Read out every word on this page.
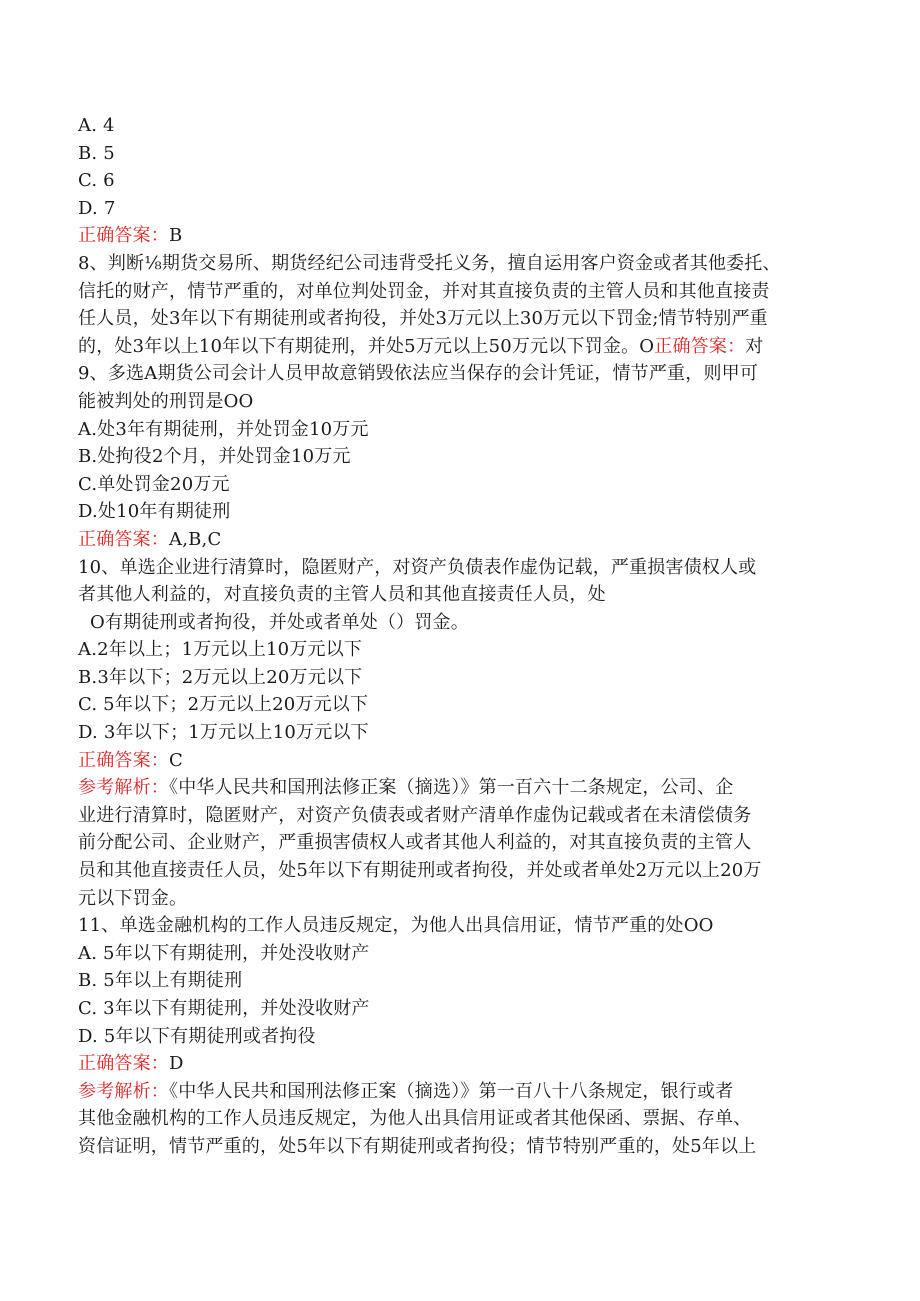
A. 4
B. 5
C. 6
D. 7
正确答案：B
8、判断⅛期货交易所、期货经纪公司违背受托义务，擅自运用客户资金或者其他委托、
信托的财产，情节严重的，对单位判处罚金，并对其直接负责的主管人员和其他直接责
任人员，处3年以下有期徒刑或者拘役，并处3万元以上30万元以下罚金;情节特别严重
的，处3年以上10年以下有期徒刑，并处5万元以上50万元以下罚金。O正确答案：对
9、多选A期货公司会计人员甲故意销毁依法应当保存的会计凭证，情节严重，则甲可
能被判处的刑罚是OO
A.处3年有期徒刑，并处罚金10万元
B.处拘役2个月，并处罚金10万元
C.单处罚金20万元
D.处10年有期徒刑
正确答案：A,B,C
10、单选企业进行清算时，隐匿财产，对资产负债表作虚伪记载，严重损害债权人或
者其他人利益的，对直接负责的主管人员和其他直接责任人员，处
O有期徒刑或者拘役，并处或者单处（）罚金。
A.2年以上；1万元以上10万元以下
B.3年以下；2万元以上20万元以下
C. 5年以下；2万元以上20万元以下
D. 3年以下；1万元以上10万元以下
正确答案：C
参考解析：《中华人民共和国刑法修正案（摘选）》第一百六十二条规定，公司、企
业进行清算时，隐匿财产，对资产负债表或者财产清单作虚伪记载或者在未清偿债务
前分配公司、企业财产，严重损害债权人或者其他人利益的，对其直接负责的主管人
员和其他直接责任人员，处5年以下有期徒刑或者拘役，并处或者单处2万元以上20万
元以下罚金。
11、单选金融机构的工作人员违反规定，为他人出具信用证，情节严重的处OO
A. 5年以下有期徒刑，并处没收财产
B. 5年以上有期徒刑
C. 3年以下有期徒刑，并处没收财产
D. 5年以下有期徒刑或者拘役
正确答案：D
参考解析：《中华人民共和国刑法修正案（摘选）》第一百八十八条规定，银行或者
其他金融机构的工作人员违反规定，为他人出具信用证或者其他保函、票据、存单、
资信证明，情节严重的，处5年以下有期徒刑或者拘役；情节特别严重的，处5年以上
